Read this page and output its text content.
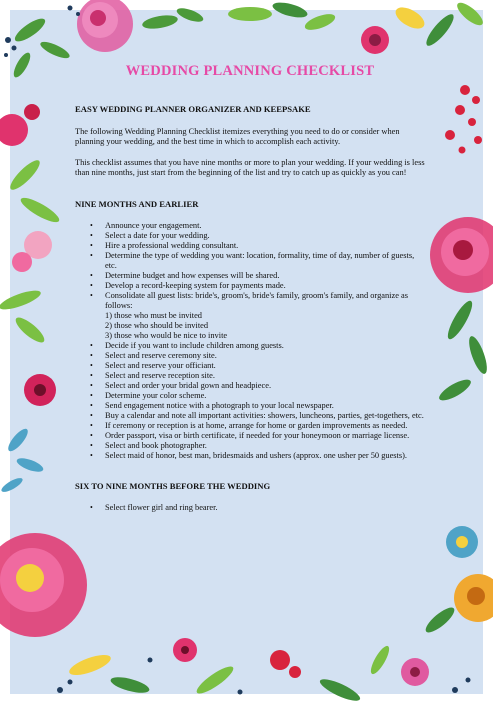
WEDDING PLANNING CHECKLIST
EASY WEDDING PLANNER ORGANIZER AND KEEPSAKE

The following Wedding Planning Checklist itemizes everything you need to do or consider when planning your wedding, and the best time in which to accomplish each activity.

This checklist assumes that you have nine months or more to plan your wedding. If your wedding is less than nine months, just start from the beginning of the list and try to catch up as quickly as you can!

NINE MONTHS AND EARLIER
• Announce your engagement.
• Select a date for your wedding.
• Hire a professional wedding consultant.
• Determine the type of wedding you want: location, formality, time of day, number of guests, etc.
• Determine budget and how expenses will be shared.
• Develop a record-keeping system for payments made.
• Consolidate all guest lists: bride's, groom's, bride's family, groom's family, and organize as follows:
1) those who must be invited
2) those who should be invited
3) those who would be nice to invite
• Decide if you want to include children among guests.
• Select and reserve ceremony site.
• Select and reserve your officiant.
• Select and reserve reception site.
• Select and order your bridal gown and headpiece.
• Determine your color scheme.
• Send engagement notice with a photograph to your local newspaper.
• Buy a calendar and note all important activities: showers, luncheons, parties, get-togethers, etc.
• If ceremony or reception is at home, arrange for home or garden improvements as needed.
• Order passport, visa or birth certificate, if needed for your honeymoon or marriage license.
• Select and book photographer.
• Select maid of honor, best man, bridesmaids and ushers (approx. one usher per 50 guests).
SIX TO NINE MONTHS BEFORE THE WEDDING
• Select flower girl and ring bearer.
